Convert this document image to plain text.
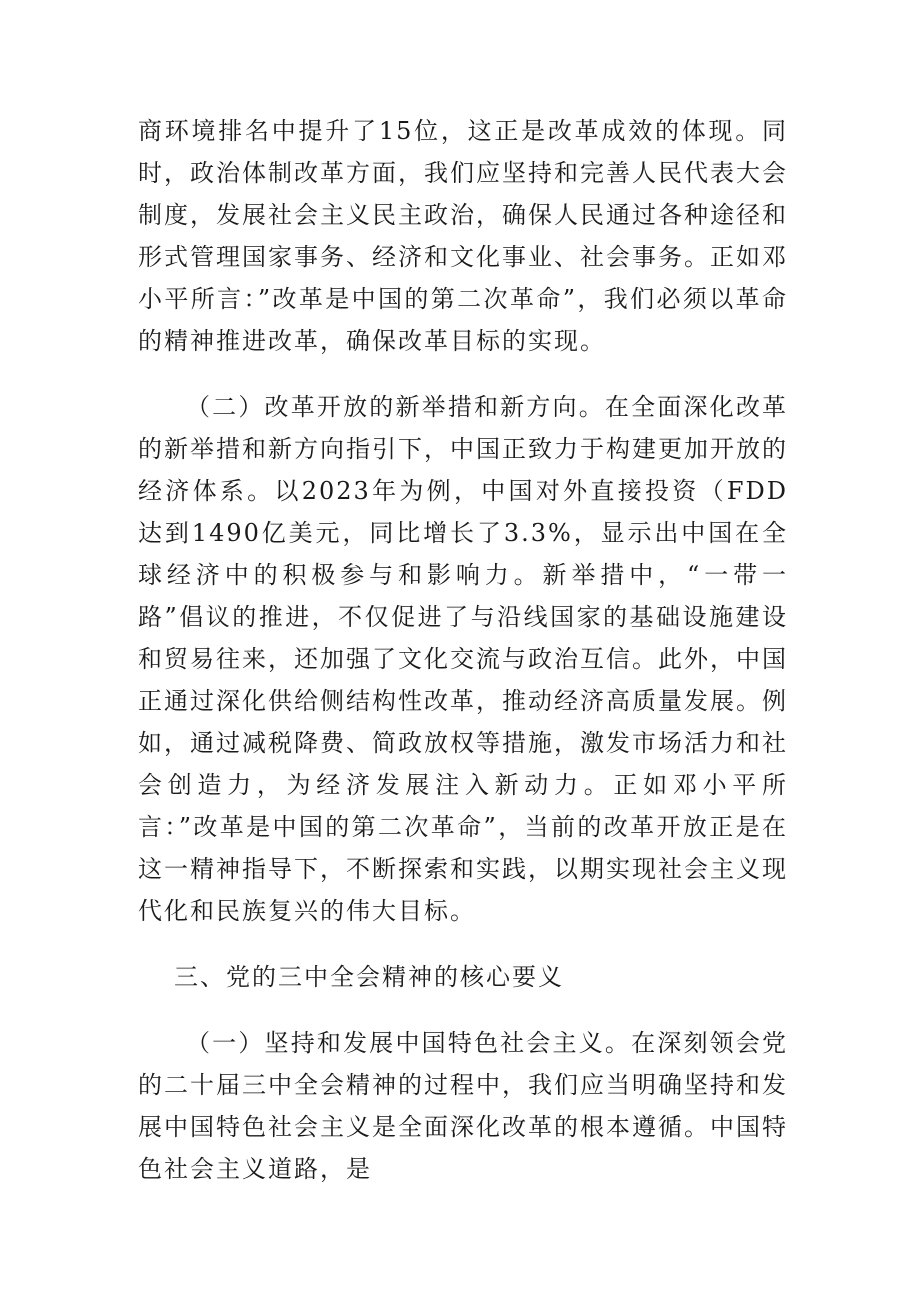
商环境排名中提升了15位，这正是改革成效的体现。同时，政治体制改革方面，我们应坚持和完善人民代表大会制度，发展社会主义民主政治，确保人民通过各种途径和形式管理国家事务、经济和文化事业、社会事务。正如邓小平所言：”改革是中国的第二次革命”，我们必须以革命的精神推进改革，确保改革目标的实现。

（二）改革开放的新举措和新方向。在全面深化改革的新举措和新方向指引下，中国正致力于构建更加开放的经济体系。以2023年为例，中国对外直接投资（FDD达到1490亿美元，同比增长了3.3%，显示出中国在全球经济中的积极参与和影响力。新举措中，“一带一路”倡议的推进，不仅促进了与沿线国家的基础设施建设和贸易往来，还加强了文化交流与政治互信。此外，中国正通过深化供给侧结构性改革，推动经济高质量发展。例如，通过减税降费、简政放权等措施，激发市场活力和社会创造力，为经济发展注入新动力。正如邓小平所言：”改革是中国的第二次革命”，当前的改革开放正是在这一精神指导下，不断探索和实践，以期实现社会主义现代化和民族复兴的伟大目标。

三、党的三中全会精神的核心要义

（一）坚持和发展中国特色社会主义。在深刻领会党的二十届三中全会精神的过程中，我们应当明确坚持和发展中国特色社会主义是全面深化改革的根本遵循。中国特色社会主义道路，是
